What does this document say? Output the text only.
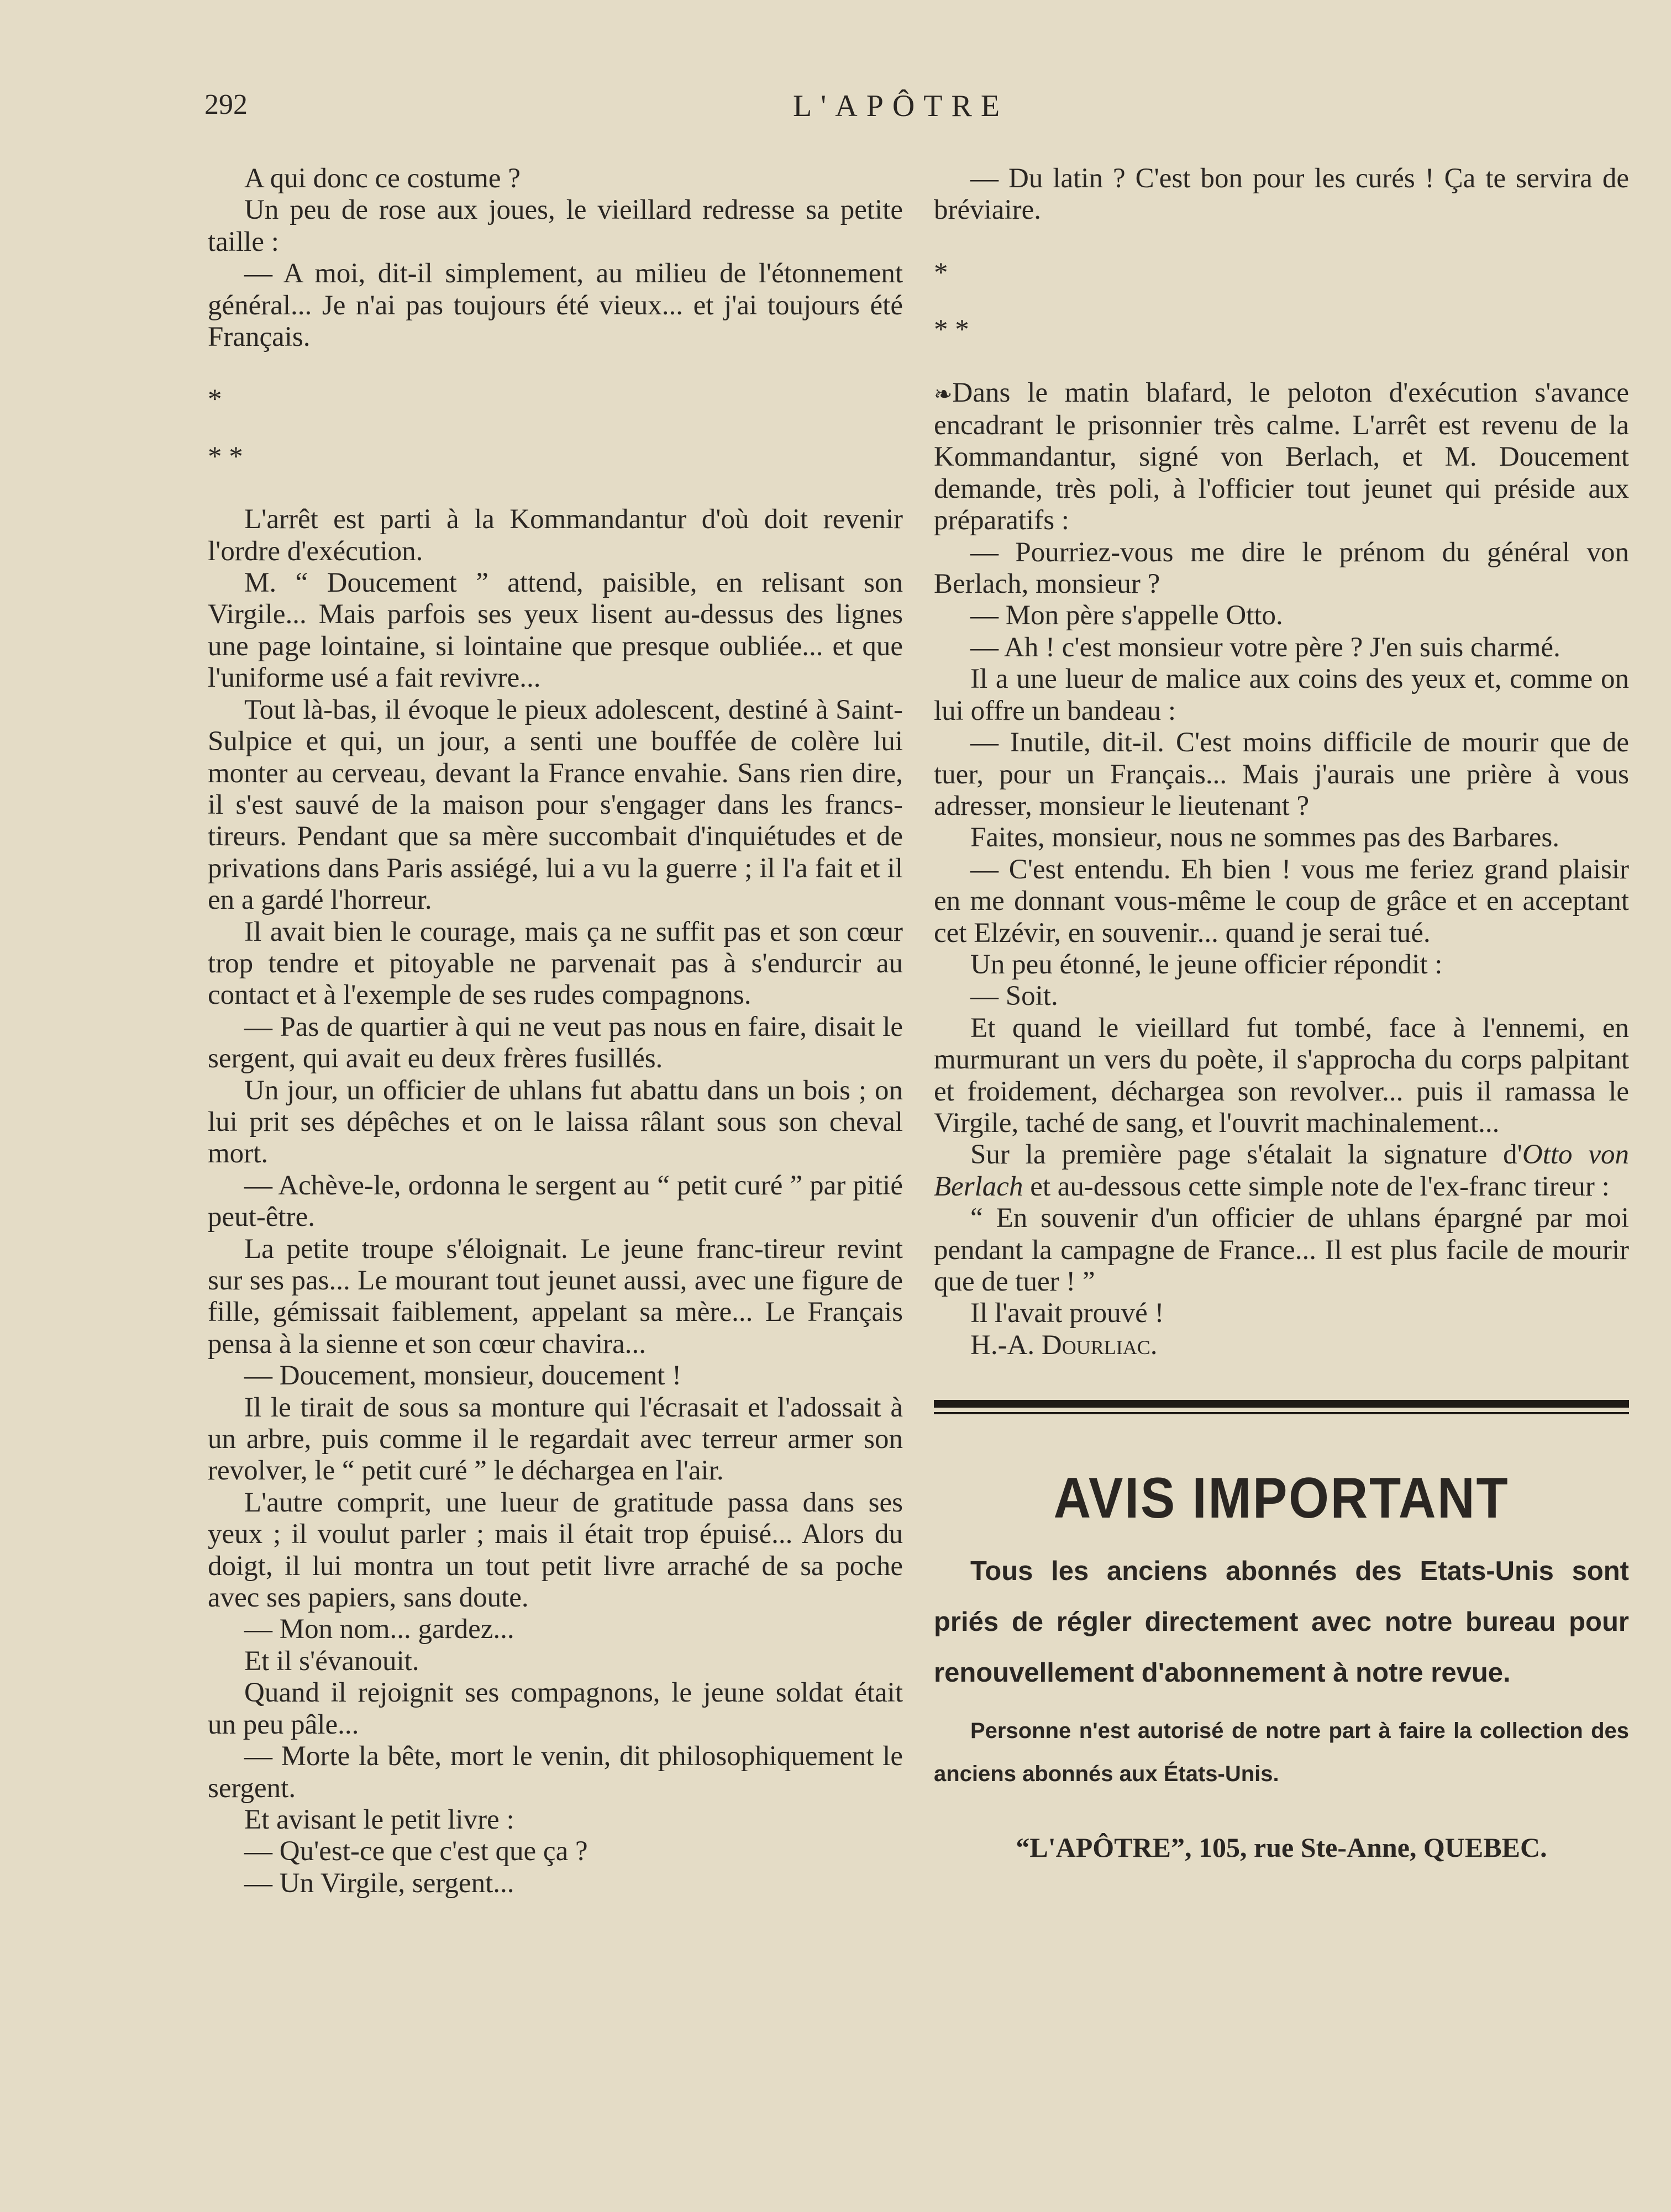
292	L'APÔTRE

A qui donc ce costume ?

Un peu de rose aux joues, le vieillard redresse sa petite taille :

— A moi, dit-il simplement, au milieu de l'étonnement général... Je n'ai pas toujours été vieux... et j'ai toujours été Français.

*

* *

L'arrêt est parti à la Kommandantur d'où doit revenir l'ordre d'exécution.

M. “ Doucement ” attend, paisible, en relisant son Virgile... Mais parfois ses yeux lisent au-dessus des lignes une page lointaine, si lointaine que presque oubliée... et que l'uniforme usé a fait revivre...

Tout là-bas, il évoque le pieux adolescent, destiné à Saint-Sulpice et qui, un jour, a senti une bouffée de colère lui monter au cerveau, devant la France envahie. Sans rien dire, il s'est sauvé de la maison pour s'engager dans les francs-tireurs. Pendant que sa mère succombait d'inquiétudes et de privations dans Paris assiégé, lui a vu la guerre ; il l'a fait et il en a gardé l'horreur.

Il avait bien le courage, mais ça ne suffit pas et son cœur trop tendre et pitoyable ne parvenait pas à s'endurcir au contact et à l'exemple de ses rudes compagnons.

— Pas de quartier à qui ne veut pas nous en faire, disait le sergent, qui avait eu deux frères fusillés.

Un jour, un officier de uhlans fut abattu dans un bois ; on lui prit ses dépêches et on le laissa râlant sous son cheval mort.

— Achève-le, ordonna le sergent au “ petit curé ” par pitié peut-être.

La petite troupe s'éloignait. Le jeune franc-tireur revint sur ses pas... Le mourant tout jeunet aussi, avec une figure de fille, gémissait faiblement, appelant sa mère... Le Français pensa à la sienne et son cœur chavira...

— Doucement, monsieur, doucement !

Il le tirait de sous sa monture qui l'écrasait et l'adossait à un arbre, puis comme il le regardait avec terreur armer son revolver, le “ petit curé ” le déchargea en l'air.

L'autre comprit, une lueur de gratitude passa dans ses yeux ; il voulut parler ; mais il était trop épuisé... Alors du doigt, il lui montra un tout petit livre arraché de sa poche avec ses papiers, sans doute.

— Mon nom... gardez...

Et il s'évanouit.

Quand il rejoignit ses compagnons, le jeune soldat était un peu pâle...

— Morte la bête, mort le venin, dit philosophiquement le sergent.

Et avisant le petit livre :

— Qu'est-ce que c'est que ça ?

— Un Virgile, sergent...

— Du latin ? C'est bon pour les curés ! Ça te servira de bréviaire.

*

* *

❧Dans le matin blafard, le peloton d'exécution s'avance encadrant le prisonnier très calme. L'arrêt est revenu de la Kommandantur, signé von Berlach, et M. Doucement demande, très poli, à l'officier tout jeunet qui préside aux préparatifs :

— Pourriez-vous me dire le prénom du général von Berlach, monsieur ?

— Mon père s'appelle Otto.

— Ah ! c'est monsieur votre père ? J'en suis charmé.

Il a une lueur de malice aux coins des yeux et, comme on lui offre un bandeau :

— Inutile, dit-il. C'est moins difficile de mourir que de tuer, pour un Français... Mais j'aurais une prière à vous adresser, monsieur le lieutenant ?

Faites, monsieur, nous ne sommes pas des Barbares.

— C'est entendu. Eh bien ! vous me feriez grand plaisir en me donnant vous-même le coup de grâce et en acceptant cet Elzévir, en souvenir... quand je serai tué.

Un peu étonné, le jeune officier répondit :

— Soit.

Et quand le vieillard fut tombé, face à l'ennemi, en murmurant un vers du poète, il s'approcha du corps palpitant et froidement, déchargea son revolver... puis il ramassa le Virgile, taché de sang, et l'ouvrit machinalement...

Sur la première page s'étalait la signature d'Otto von Berlach et au-dessous cette simple note de l'ex-franc tireur :

“ En souvenir d'un officier de uhlans épargné par moi pendant la campagne de France... Il est plus facile de mourir que de tuer ! ”

Il l'avait prouvé !

H.-A. Dourliac.

AVIS IMPORTANT
Tous les anciens abonnés des Etats-Unis sont priés de régler directement avec notre bureau pour renouvellement d'abonnement à notre revue.
Personne n'est autorisé de notre part à faire la collection des anciens abonnés aux États-Unis.
“L'APÔTRE”, 105, rue Ste-Anne, QUEBEC.
